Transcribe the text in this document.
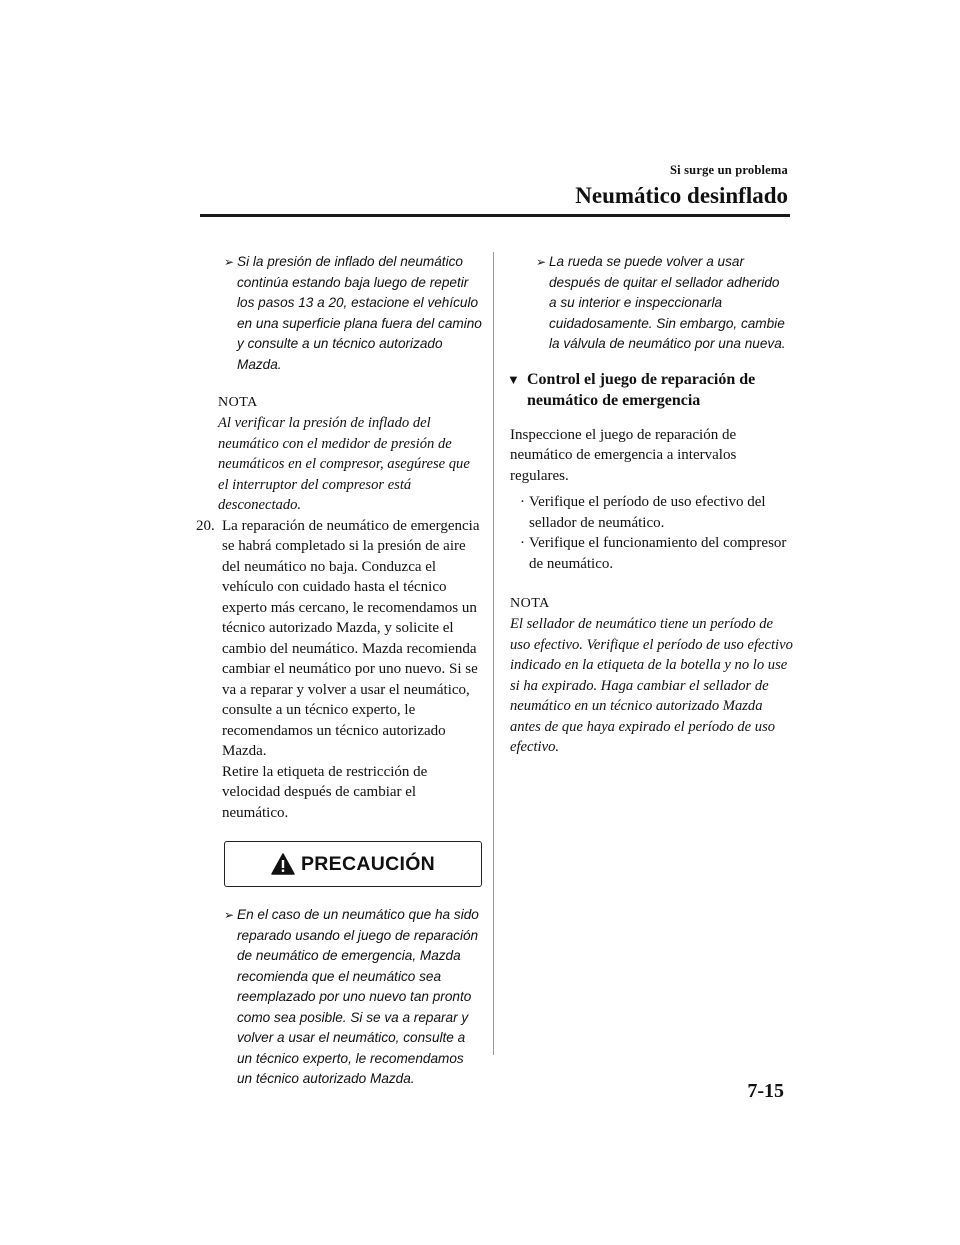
Si surge un problema
Neumático desinflado
➢ Si la presión de inflado del neumático continúa estando baja luego de repetir los pasos 13 a 20, estacione el vehículo en una superficie plana fuera del camino y consulte a un técnico autorizado Mazda.
NOTA
Al verificar la presión de inflado del neumático con el medidor de presión de neumáticos en el compresor, asegúrese que el interruptor del compresor está desconectado.
20. La reparación de neumático de emergencia se habrá completado si la presión de aire del neumático no baja. Conduzca el vehículo con cuidado hasta el técnico experto más cercano, le recomendamos un técnico autorizado Mazda, y solicite el cambio del neumático. Mazda recomienda cambiar el neumático por uno nuevo. Si se va a reparar y volver a usar el neumático, consulte a un técnico experto, le recomendamos un técnico autorizado Mazda.
Retire la etiqueta de restricción de velocidad después de cambiar el neumático.
PRECAUCIÓN
➢ En el caso de un neumático que ha sido reparado usando el juego de reparación de neumático de emergencia, Mazda recomienda que el neumático sea reemplazado por uno nuevo tan pronto como sea posible. Si se va a reparar y volver a usar el neumático, consulte a un técnico experto, le recomendamos un técnico autorizado Mazda.
➢ La rueda se puede volver a usar después de quitar el sellador adherido a su interior e inspeccionarla cuidadosamente. Sin embargo, cambie la válvula de neumático por una nueva.
▼ Control el juego de reparación de neumático de emergencia
Inspeccione el juego de reparación de neumático de emergencia a intervalos regulares.
· Verifique el período de uso efectivo del sellador de neumático.
· Verifique el funcionamiento del compresor de neumático.
NOTA
El sellador de neumático tiene un período de uso efectivo. Verifique el período de uso efectivo indicado en la etiqueta de la botella y no lo use si ha expirado. Haga cambiar el sellador de neumático en un técnico autorizado Mazda antes de que haya expirado el período de uso efectivo.
7-15
